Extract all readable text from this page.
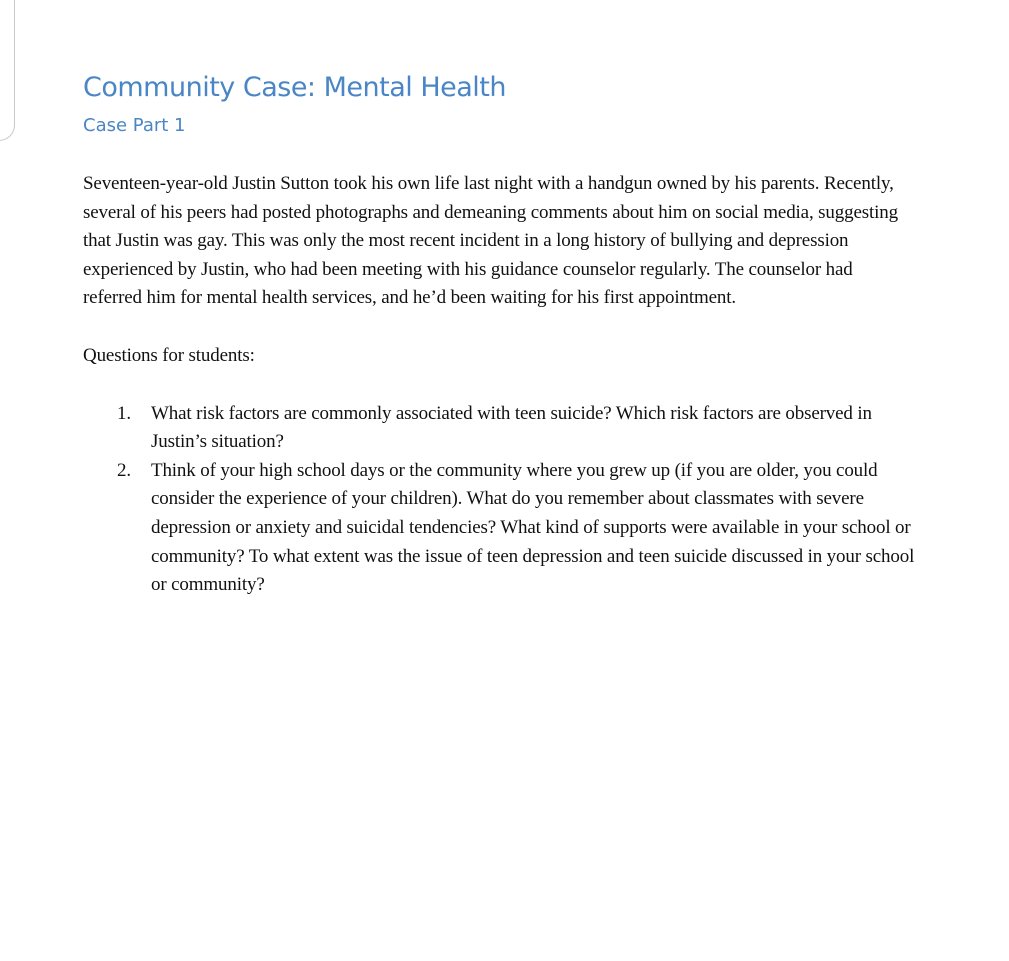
Community Case: Mental Health
Case Part 1

Seventeen-year-old Justin Sutton took his own life last night with a handgun owned by his parents. Recently, several of his peers had posted photographs and demeaning comments about him on social media, suggesting that Justin was gay. This was only the most recent incident in a long history of bullying and depression experienced by Justin, who had been meeting with his guidance counselor regularly. The counselor had referred him for mental health services, and he’d been waiting for his first appointment.

Questions for students:

1. What risk factors are commonly associated with teen suicide? Which risk factors are observed in Justin’s situation?
2. Think of your high school days or the community where you grew up (if you are older, you could consider the experience of your children). What do you remember about classmates with severe depression or anxiety and suicidal tendencies? What kind of supports were available in your school or community? To what extent was the issue of teen depression and teen suicide discussed in your school or community?
